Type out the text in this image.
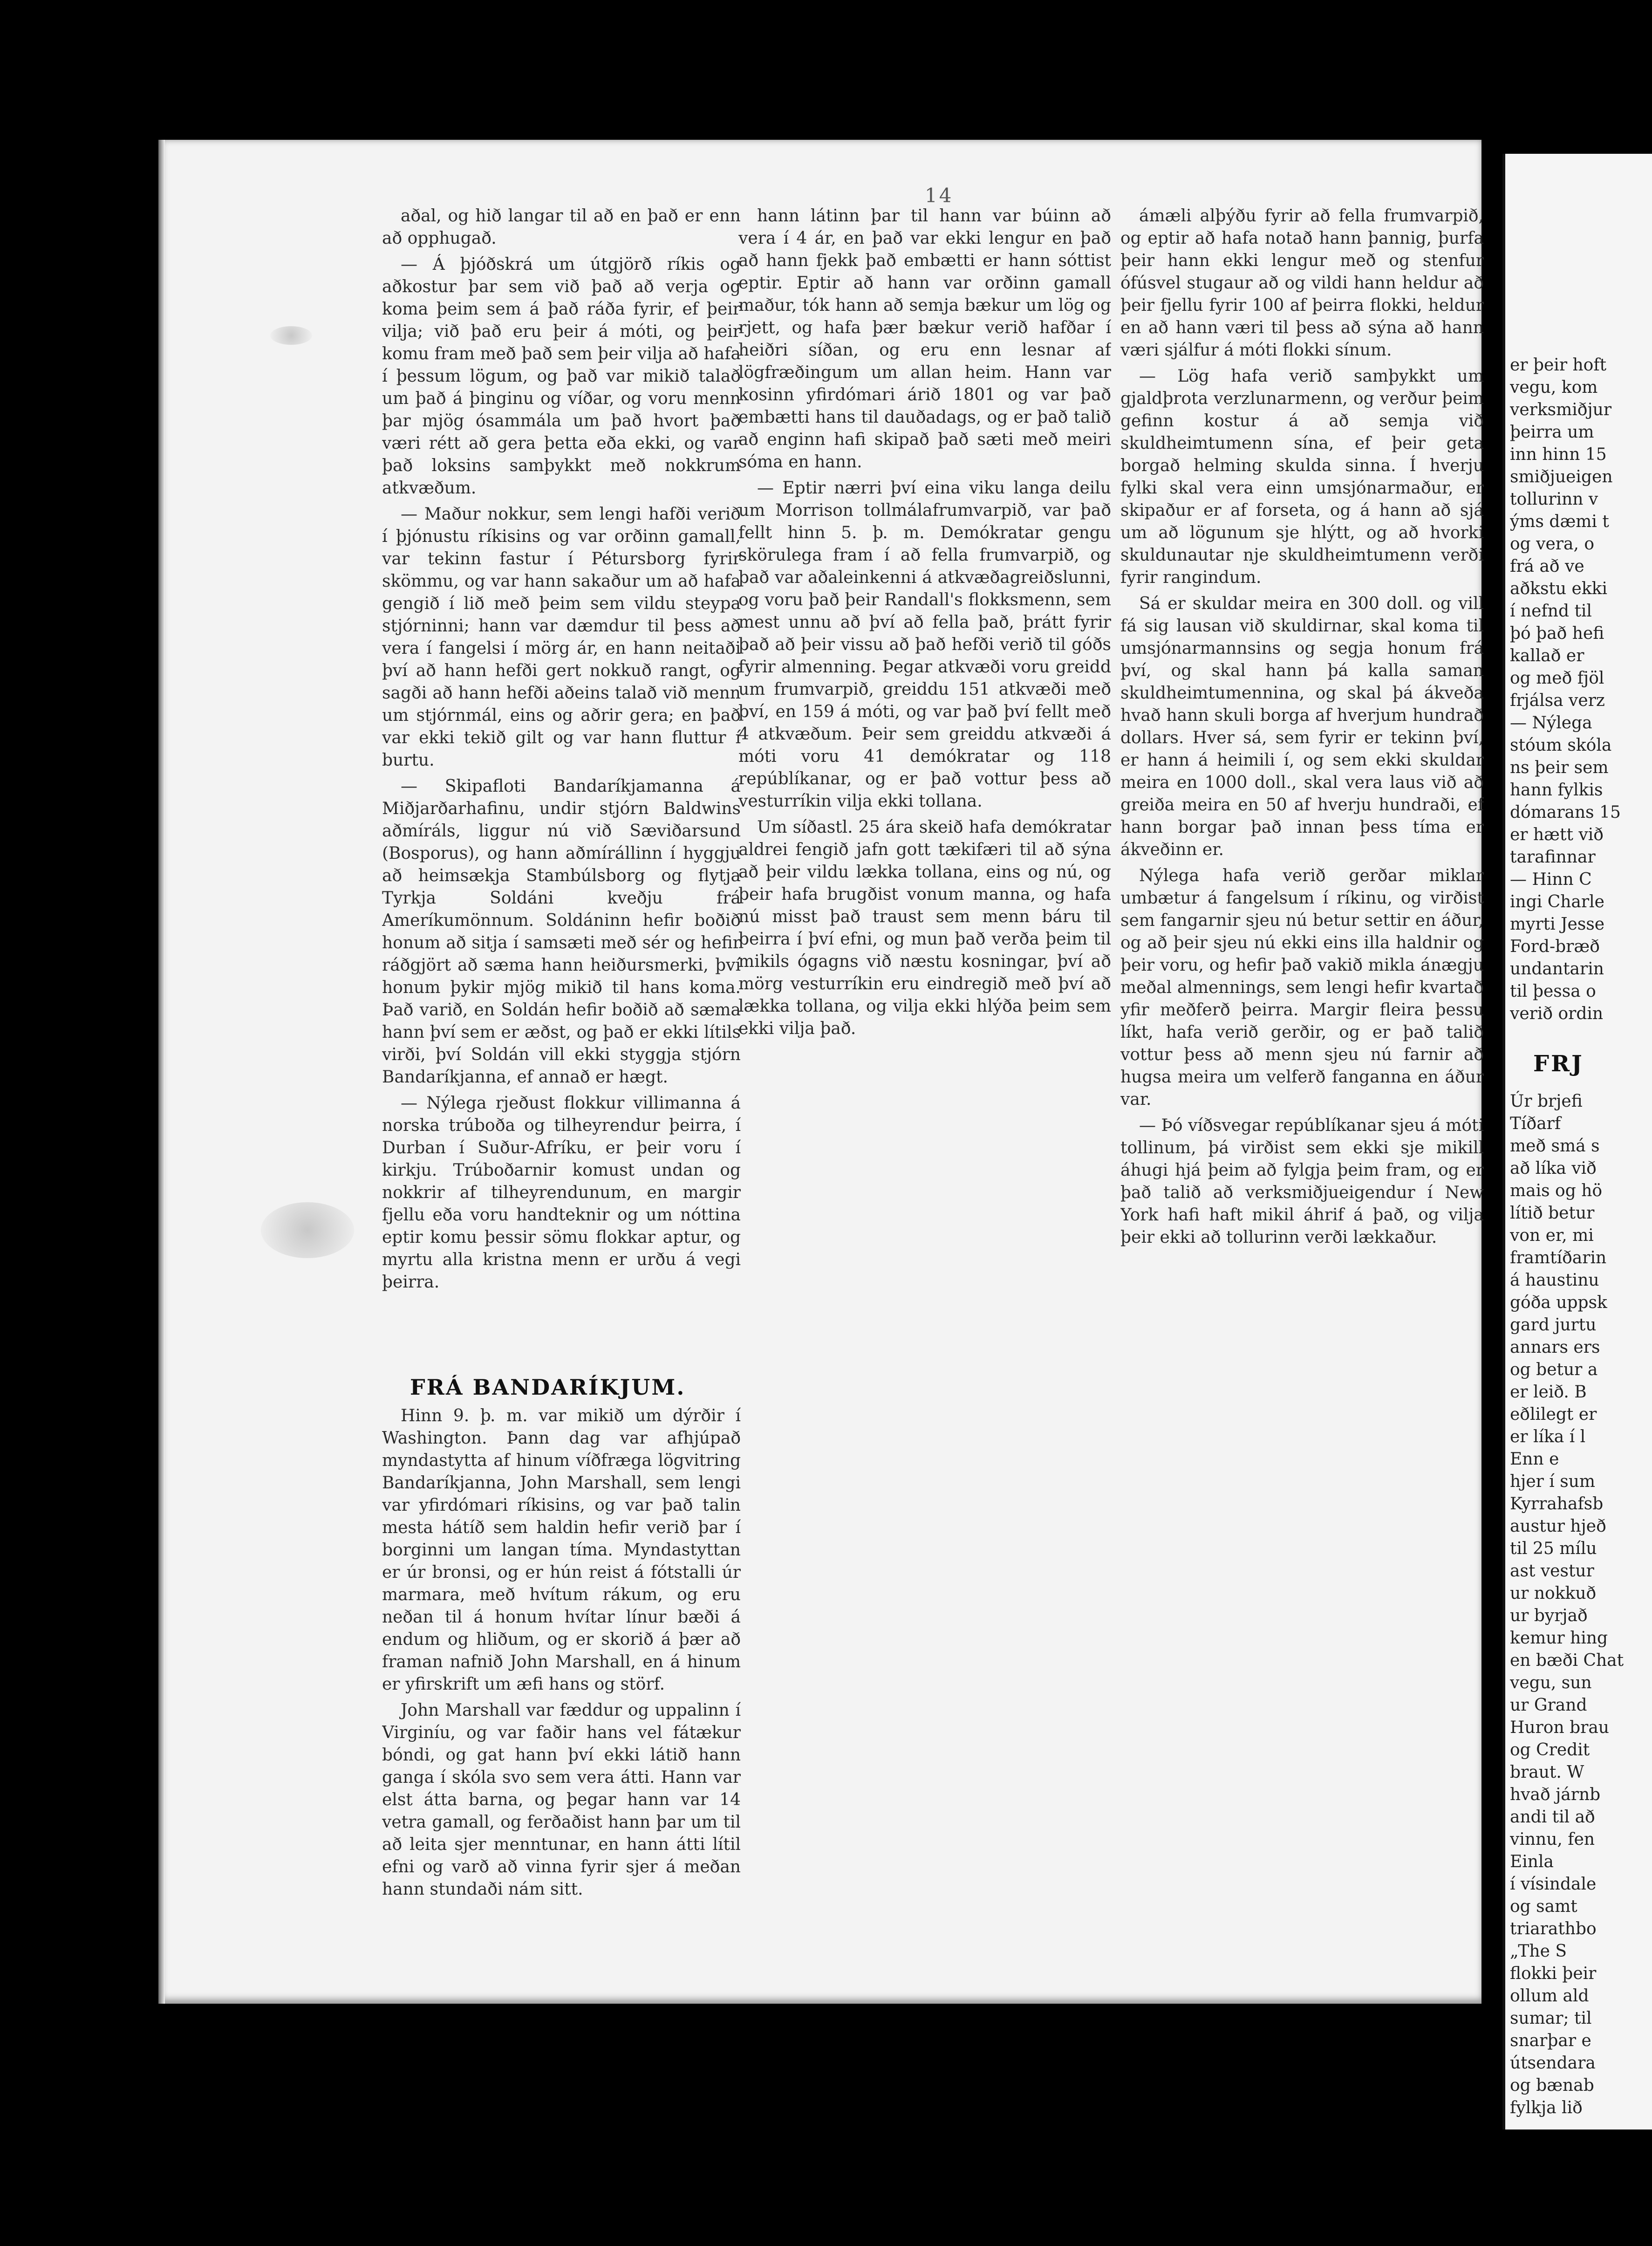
14

aðal, og hið langar til að en það er enn að opphugað.

— Á þjóðskrá um útgjörð ríkis og aðkostur þar sem við það að verja og koma þeim sem á það ráða fyrir, ef þeir vilja; við það eru þeir á móti, og þeir komu fram með það sem þeir vilja að hafa í þessum lögum, og það var mikið talað um það á þinginu og víðar, og voru menn þar mjög ósammála um það hvort það væri rétt að gera þetta eða ekki, og var það loksins samþykkt með nokkrum atkvæðum.

— Maður nokkur, sem lengi hafði verið í þjónustu ríkisins og var orðinn gamall, var tekinn fastur í Pétursborg fyrir skömmu, og var hann sakaður um að hafa gengið í lið með þeim sem vildu steypa stjórninni; hann var dæmdur til þess að vera í fangelsi í mörg ár, en hann neitaði því að hann hefði gert nokkuð rangt, og sagði að hann hefði aðeins talað við menn um stjórnmál, eins og aðrir gera; en það var ekki tekið gilt og var hann fluttur í burtu.

— Skipafloti Bandaríkjamanna á Miðjarðarhafinu, undir stjórn Baldwins aðmíráls, liggur nú við Sæviðarsund (Bosporus), og hann aðmírállinn í hyggju að heimsækja Stambúlsborg og flytja Tyrkja Soldáni kveðju frá Ameríkumönnum. Soldáninn hefir boðið honum að sitja í samsæti með sér og hefir ráðgjört að sæma hann heiðursmerki, því honum þykir mjög mikið til hans koma. Það varið, en Soldán hefir boðið að sæma hann því sem er æðst, og það er ekki lítils virði, því Soldán vill ekki styggja stjórn Bandaríkjanna, ef annað er hægt.

— Nýlega rjeðust flokkur villimanna á norska trúboða og tilheyrendur þeirra, í Durban í Suður-Afríku, er þeir voru í kirkju. Trúboðarnir komust undan og nokkrir af tilheyrendunum, en margir fjellu eða voru handteknir og um nóttina eptir komu þessir sömu flokkar aptur, og myrtu alla kristna menn er urðu á vegi þeirra.

FRÁ BANDARÍKJUM.

Hinn 9. þ. m. var mikið um dýrðir í Washington. Þann dag var afhjúpað myndastytta af hinum víðfræga lögvitring Bandaríkjanna, John Marshall, sem lengi var yfirdómari ríkisins, og var það talin mesta hátíð sem haldin hefir verið þar í borginni um langan tíma. Myndastyttan er úr bronsi, og er hún reist á fótstalli úr marmara, með hvítum rákum, og eru neðan til á honum hvítar línur bæði á endum og hliðum, og er skorið á þær að framan nafnið John Marshall, en á hinum er yfirskrift um æfi hans og störf.

John Marshall var fæddur og uppalinn í Virginíu, og var faðir hans vel fátækur bóndi, og gat hann því ekki látið hann ganga í skóla svo sem vera átti. Hann var elst átta barna, og þegar hann var 14 vetra gamall, og ferðaðist hann þar um til að leita sjer menntunar, en hann átti lítil efni og varð að vinna fyrir sjer á meðan hann stundaði nám sitt.

hann látinn þar til hann var búinn að vera í 4 ár, en það var ekki lengur en það að hann fjekk það embætti er hann sóttist eptir. Eptir að hann var orðinn gamall maður, tók hann að semja bækur um lög og rjett, og hafa þær bækur verið hafðar í heiðri síðan, og eru enn lesnar af lögfræðingum um allan heim. Hann var kosinn yfirdómari árið 1801 og var það embætti hans til dauðadags, og er það talið að enginn hafi skipað það sæti með meiri sóma en hann.

— Eptir nærri því eina viku langa deilu um Morrison tollmálafrumvarpið, var það fellt hinn 5. þ. m. Demókratar gengu skörulega fram í að fella frumvarpið, og það var aðaleinkenni á atkvæðagreiðslunni, og voru það þeir Randall's flokksmenn, sem mest unnu að því að fella það, þrátt fyrir það að þeir vissu að það hefði verið til góðs fyrir almenning. Þegar atkvæði voru greidd um frumvarpið, greiddu 151 atkvæði með því, en 159 á móti, og var það því fellt með 4 atkvæðum. Þeir sem greiddu atkvæði á móti voru 41 demókratar og 118 repúblíkanar, og er það vottur þess að vesturríkin vilja ekki tollana.

Um síðastl. 25 ára skeið hafa demókratar aldrei fengið jafn gott tækifæri til að sýna að þeir vildu lækka tollana, eins og nú, og þeir hafa brugðist vonum manna, og hafa nú misst það traust sem menn báru til þeirra í því efni, og mun það verða þeim til mikils ógagns við næstu kosningar, því að mörg vesturríkin eru eindregið með því að lækka tollana, og vilja ekki hlýða þeim sem ekki vilja það.

ámæli alþýðu fyrir að fella frumvarpið, og eptir að hafa notað hann þannig, þurfa þeir hann ekki lengur með og stenfur ófúsvel stugaur að og vildi hann heldur að þeir fjellu fyrir 100 af þeirra flokki, heldur en að hann væri til þess að sýna að hann væri sjálfur á móti flokki sínum.

— Lög hafa verið samþykkt um gjaldþrota verzlunarmenn, og verður þeim gefinn kostur á að semja við skuldheimtumenn sína, ef þeir geta borgað helming skulda sinna. Í hverju fylki skal vera einn umsjónarmaður, er skipaður er af forseta, og á hann að sjá um að lögunum sje hlýtt, og að hvorki skuldunautar nje skuldheimtumenn verði fyrir rangindum.

Sá er skuldar meira en 300 doll. og vill fá sig lausan við skuldirnar, skal koma til umsjónarmannsins og segja honum frá því, og skal hann þá kalla saman skuldheimtumennina, og skal þá ákveða hvað hann skuli borga af hverjum hundrað dollars. Hver sá, sem fyrir er tekinn því, er hann á heimili í, og sem ekki skuldar meira en 1000 doll., skal vera laus við að greiða meira en 50 af hverju hundraði, ef hann borgar það innan þess tíma er ákveðinn er.

Nýlega hafa verið gerðar miklar umbætur á fangelsum í ríkinu, og virðist sem fangarnir sjeu nú betur settir en áður, og að þeir sjeu nú ekki eins illa haldnir og þeir voru, og hefir það vakið mikla ánægju meðal almennings, sem lengi hefir kvartað yfir meðferð þeirra. Margir fleira þessu líkt, hafa verið gerðir, og er það talið vottur þess að menn sjeu nú farnir að hugsa meira um velferð fanganna en áður var.

— Þó víðsvegar repúblíkanar sjeu á móti tollinum, þá virðist sem ekki sje mikill áhugi hjá þeim að fylgja þeim fram, og er það talið að verksmiðjueigendur í New York hafi haft mikil áhrif á það, og vilja þeir ekki að tollurinn verði lækkaður.

er þeir hoft
vegu, kom
verksmiðjur
þeirra um
inn hinn 15
smiðjueigen
tollurinn v
ýms dæmi t
og vera, o
frá að ve
aðkstu ekki
í nefnd til
þó það hefi
kallað er
og með fjöl
frjálsa verz
— Nýlega
stóum skóla
ns þeir sem
hann fylkis
dómarans 15
er hætt við
tarafinnar
— Hinn C
ingi Charle
myrti Jesse
Ford-bræð
undantarin
til þessa o
verið ordin
FRJ
Úr brjefi
Tíðarf
með smá s
að líka við
mais og hö
lítið betur
von er, mi
framtíðarin
á haustinu
góða uppsk
gard jurtu
annars ers
og betur a
er leið. B
eðlilegt er
er líka í l
Enn e
hjer í sum
Kyrrahafsb
austur hjeð
til 25 mílu
ast vestur
ur nokkuð
ur byrjað
kemur hing
en bæði Chat
vegu, sun
ur Grand
Huron brau
og Credit
braut. W
hvað járnb
andi til að
vinnu, fen
Einla
í vísindale
og samt
triarathbo
„The S
flokki þeir
ollum ald
sumar; til
snarþar e
útsendara
og bænab
fylkja lið
